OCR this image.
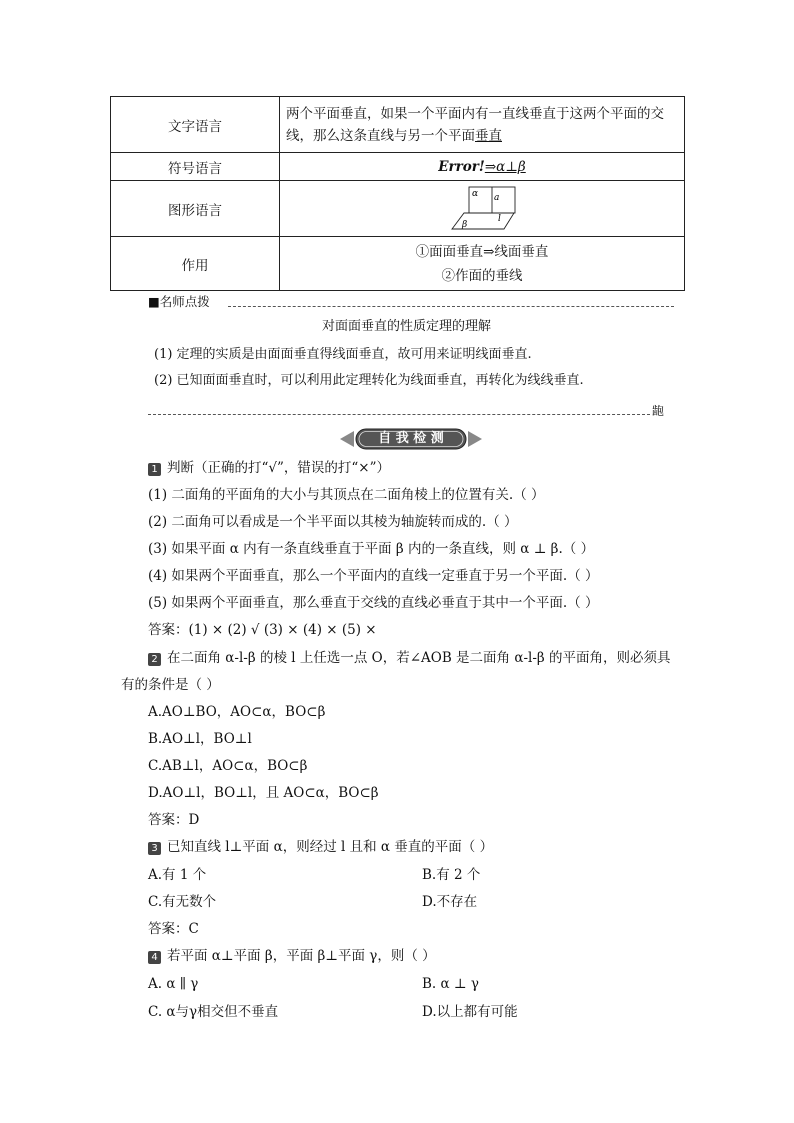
文字语言	两个平面垂直，如果一个平面内有一直线垂直于这两个平面的交
线，那么这条直线与另一个平面垂直

符号语言	Error!⇒α⊥β
图形语言	α a
l
β

作用	①面面垂直⇒线面垂直
②作面的垂线
■名师点拨
对面面垂直的性质定理的理解
(1) 定理的实质是由面面垂直得线面垂直，故可用来证明线面垂直.
(2) 已知面面垂直时，可以利用此定理转化为线面垂直，再转化为线线垂直.
龅
自 我 检 测
1 判断（正确的打“√”，错误的打“×”）
(1) 二面角的平面角的大小与其顶点在二面角棱上的位置有关.（ ）
(2) 二面角可以看成是一个半平面以其棱为轴旋转而成的.（ ）
(3) 如果平面 α 内有一条直线垂直于平面 β 内的一条直线，则 α ⊥ β.（ ）
(4) 如果两个平面垂直，那么一个平面内的直线一定垂直于另一个平面.（ ）
(5) 如果两个平面垂直，那么垂直于交线的直线必垂直于其中一个平面.（ ）
答案：(1) × (2) √ (3) × (4) × (5) ×
2 在二面角 α-l-β 的棱 l 上任选一点 O，若∠AOB 是二面角 α-l-β 的平面角，则必须具
有的条件是（ ）
A.AO⊥BO，AO⊂α，BO⊂β
B.AO⊥l，BO⊥l
C.AB⊥l，AO⊂α，BO⊂β
D.AO⊥l，BO⊥l，且 AO⊂α，BO⊂β
答案：D
3 已知直线 l⊥平面 α，则经过 l 且和 α 垂直的平面（ ）
A.有 1 个	B.有 2 个
C.有无数个	D.不存在
答案：C
4 若平面 α⊥平面 β，平面 β⊥平面 γ，则（ ）
A. α ∥ γ	B. α ⊥ γ
C. α与γ相交但不垂直	D.以上都有可能
